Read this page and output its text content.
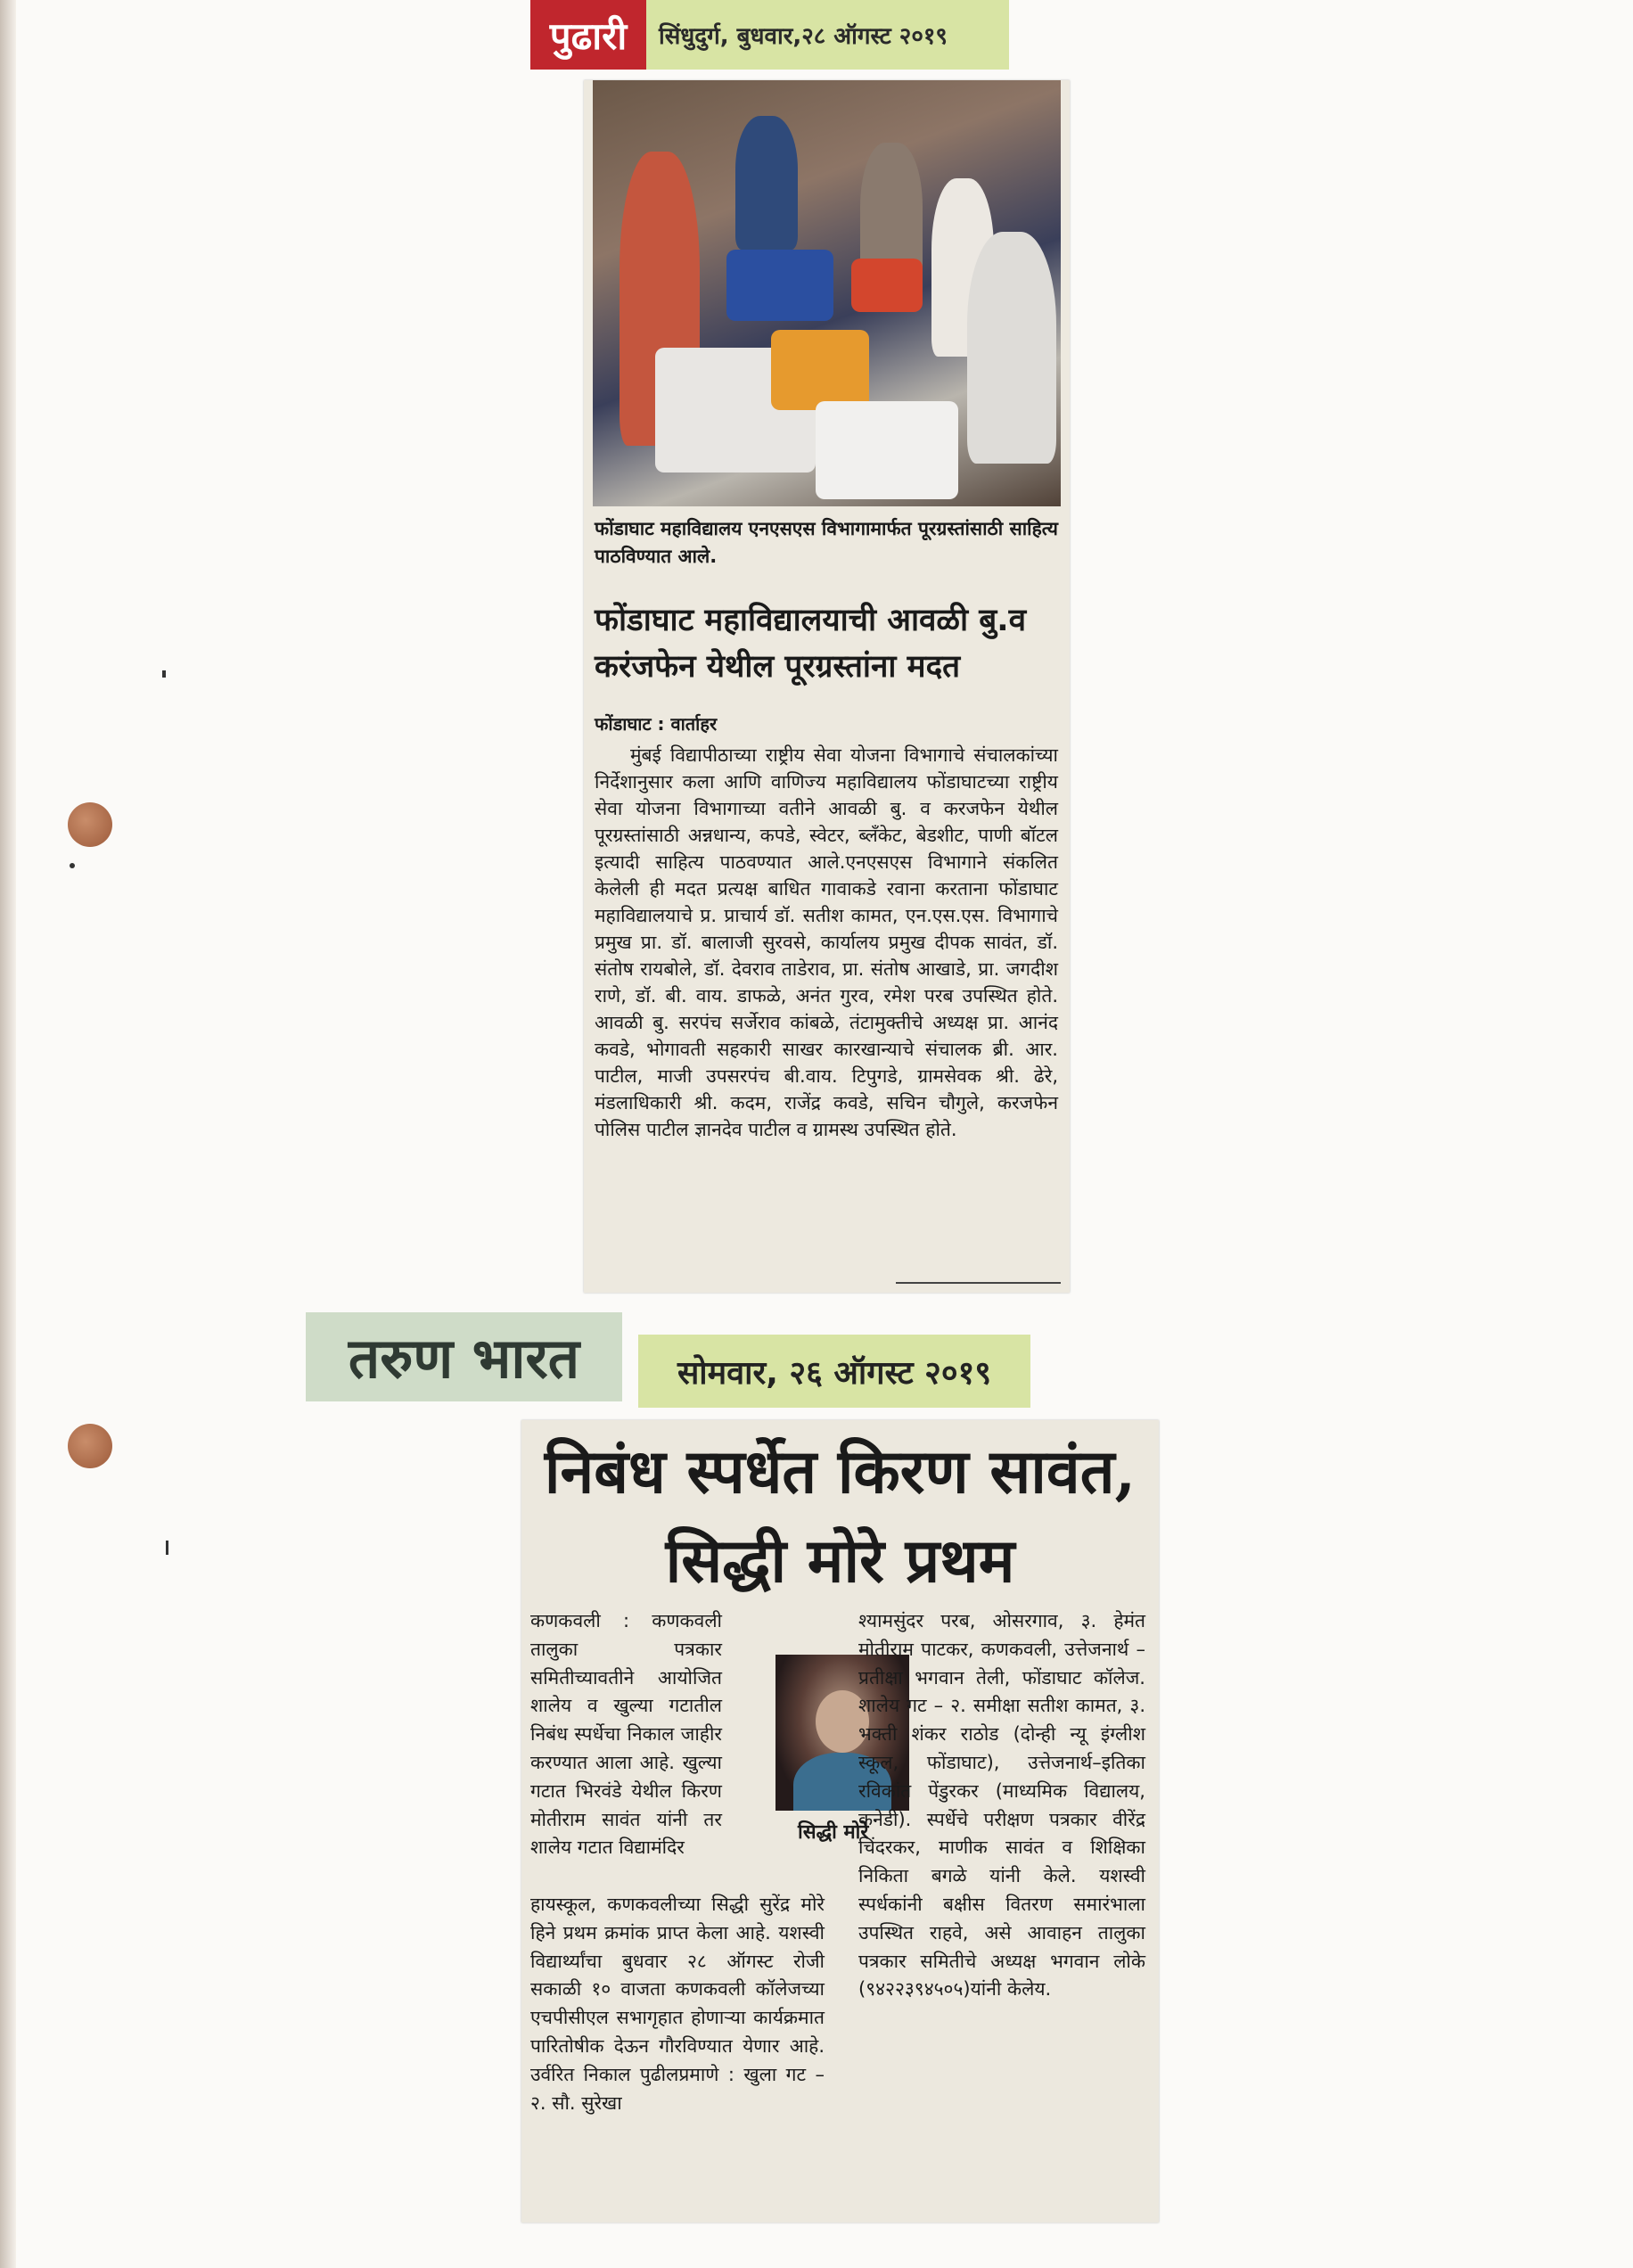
पुढारी	सिंधुदुर्ग, बुधवार,२८ ऑगस्ट २०१९
फोंडाघाट महाविद्यालय एनएसएस विभागामार्फत पूरग्रस्तांसाठी साहित्य पाठविण्यात आले.
फोंडाघाट महाविद्यालयाची आवळी बु.व करंजफेन येथील पूरग्रस्तांना मदत
फोंडाघाट : वार्ताहर
मुंबई विद्यापीठाच्या राष्ट्रीय सेवा योजना विभागाचे संचालकांच्या निर्देशानुसार कला आणि वाणिज्य महाविद्यालय फोंडाघाटच्या राष्ट्रीय सेवा योजना विभागाच्या वतीने आवळी बु. व करजफेन येथील पूरग्रस्तांसाठी अन्नधान्य, कपडे, स्वेटर, ब्लँकेट, बेडशीट, पाणी बॉटल इत्यादी साहित्य पाठवण्यात आले.एनएसएस विभागाने संकलित केलेली ही मदत प्रत्यक्ष बाधित गावाकडे रवाना करताना फोंडाघाट महाविद्यालयाचे प्र. प्राचार्य डॉ. सतीश कामत, एन.एस.एस. विभागाचे प्रमुख प्रा. डॉ. बालाजी सुरवसे, कार्यालय प्रमुख दीपक सावंत, डॉ. संतोष रायबोले, डॉ. देवराव ताडेराव, प्रा. संतोष आखाडे, प्रा. जगदीश राणे, डॉ. बी. वाय. डाफळे, अनंत गुरव, रमेश परब उपस्थित होते. आवळी बु. सरपंच सर्जेराव कांबळे, तंटामुक्तीचे अध्यक्ष प्रा. आनंद कवडे, भोगावती सहकारी साखर कारखान्याचे संचालक ब्री. आर. पाटील, माजी उपसरपंच बी.वाय. टिपुगडे, ग्रामसेवक श्री. ढेरे, मंडलाधिकारी श्री. कदम, राजेंद्र कवडे, सचिन चौगुले, करजफेन पोलिस पाटील ज्ञानदेव पाटील व ग्रामस्थ उपस्थित होते.
तरुण भारत	सोमवार, २६ ऑगस्ट २०१९
निबंध स्पर्धेत किरण सावंत, सिद्धी मोरे प्रथम
कणकवली : कणकवली तालुका पत्रकार समितीच्यावतीने आयोजित शालेय व खुल्या गटातील निबंध स्पर्धेचा निकाल जाहीर करण्यात आला आहे. खुल्या गटात भिरवंडे येथील किरण मोतीराम सावंत यांनी तर शालेय गटात विद्यामंदिर
हायस्कूल, कणकवलीच्या सिद्धी सुरेंद्र मोरे हिने प्रथम क्रमांक प्राप्त केला आहे. यशस्वी विद्यार्थ्यांचा बुधवार २८ ऑगस्ट रोजी सकाळी १० वाजता कणकवली कॉलेजच्या एचपीसीएल सभागृहात होणाऱ्या कार्यक्रमात पारितोषीक देऊन गौरविण्यात येणार आहे. उर्वरित निकाल पुढीलप्रमाणे : खुला गट – २. सौ. सुरेखा
सिद्धी मोरे
श्यामसुंदर परब, ओसरगाव, ३. हेमंत मोतीराम पाटकर, कणकवली, उत्तेजनार्थ – प्रतीक्षा भगवान तेली, फोंडाघाट कॉलेज. शालेय गट – २. समीक्षा सतीश कामत, ३. भक्ती शंकर राठोड (दोन्ही न्यू इंग्लीश स्कूल, फोंडाघाट), उत्तेजनार्थ–इतिका रविकांत पेंडुरकर (माध्यमिक विद्यालय, कनेडी). स्पर्धेचे परीक्षण पत्रकार वीरेंद्र चिंदरकर, माणीक सावंत व शिक्षिका निकिता बगळे यांनी केले. यशस्वी स्पर्धकांनी बक्षीस वितरण समारंभाला उपस्थित राहवे, असे आवाहन तालुका पत्रकार समितीचे अध्यक्ष भगवान लोके (९४२२३९४५०५)यांनी केलेय.
